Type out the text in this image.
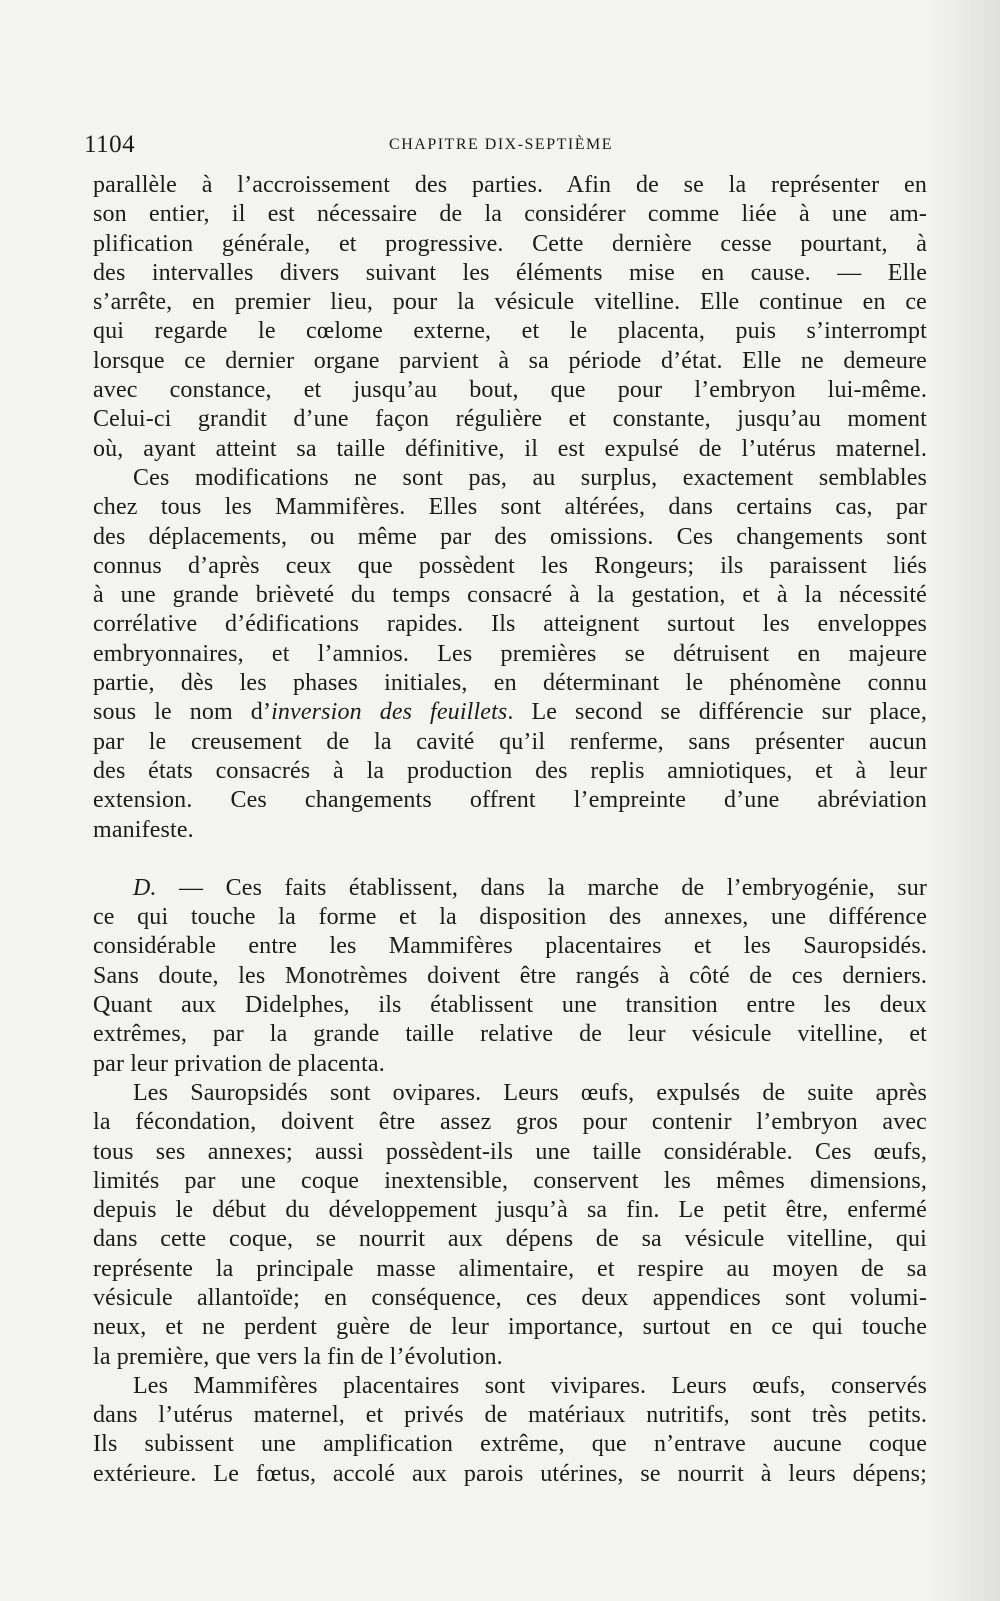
1104	CHAPITRE DIX-SEPTIÈME
parallèle à l’accroissement des parties. Afin de se la représenter en
son entier, il est nécessaire de la considérer comme liée à une am-
plification générale, et progressive. Cette dernière cesse pourtant, à
des intervalles divers suivant les éléments mise en cause. — Elle
s’arrête, en premier lieu, pour la vésicule vitelline. Elle continue en ce
qui regarde le cœlome externe, et le placenta, puis s’interrompt
lorsque ce dernier organe parvient à sa période d’état. Elle ne demeure
avec constance, et jusqu’au bout, que pour l’embryon lui-même.
Celui-ci grandit d’une façon régulière et constante, jusqu’au moment
où, ayant atteint sa taille définitive, il est expulsé de l’utérus maternel.
Ces modifications ne sont pas, au surplus, exactement semblables
chez tous les Mammifères. Elles sont altérées, dans certains cas, par
des déplacements, ou même par des omissions. Ces changements sont
connus d’après ceux que possèdent les Rongeurs; ils paraissent liés
à une grande brièveté du temps consacré à la gestation, et à la nécessité
corrélative d’édifications rapides. Ils atteignent surtout les enveloppes
embryonnaires, et l’amnios. Les premières se détruisent en majeure
partie, dès les phases initiales, en déterminant le phénomène connu
sous le nom d’inversion des feuillets. Le second se différencie sur place,
par le creusement de la cavité qu’il renferme, sans présenter aucun
des états consacrés à la production des replis amniotiques, et à leur
extension. Ces changements offrent l’empreinte d’une abréviation
manifeste.
D. — Ces faits établissent, dans la marche de l’embryogénie, sur
ce qui touche la forme et la disposition des annexes, une différence
considérable entre les Mammifères placentaires et les Sauropsidés.
Sans doute, les Monotrèmes doivent être rangés à côté de ces derniers.
Quant aux Didelphes, ils établissent une transition entre les deux
extrêmes, par la grande taille relative de leur vésicule vitelline, et
par leur privation de placenta.
Les Sauropsidés sont ovipares. Leurs œufs, expulsés de suite après
la fécondation, doivent être assez gros pour contenir l’embryon avec
tous ses annexes; aussi possèdent-ils une taille considérable. Ces œufs,
limités par une coque inextensible, conservent les mêmes dimensions,
depuis le début du développement jusqu’à sa fin. Le petit être, enfermé
dans cette coque, se nourrit aux dépens de sa vésicule vitelline, qui
représente la principale masse alimentaire, et respire au moyen de sa
vésicule allantoïde; en conséquence, ces deux appendices sont volumi-
neux, et ne perdent guère de leur importance, surtout en ce qui touche
la première, que vers la fin de l’évolution.
Les Mammifères placentaires sont vivipares. Leurs œufs, conservés
dans l’utérus maternel, et privés de matériaux nutritifs, sont très petits.
Ils subissent une amplification extrême, que n’entrave aucune coque
extérieure. Le fœtus, accolé aux parois utérines, se nourrit à leurs dépens;
